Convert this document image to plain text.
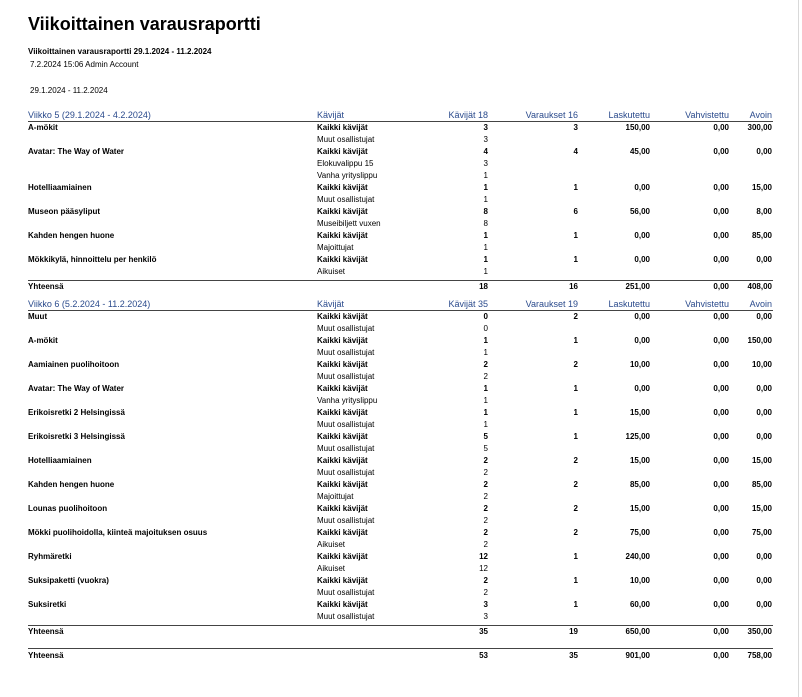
Viikoittainen varausraportti
Viikoittainen varausraportti 29.1.2024 - 11.2.2024
7.2.2024 15:06 Admin Account
29.1.2024 - 11.2.2024
Viikko 5 (29.1.2024 - 4.2.2024)	Kävijät	Kävijät 18	Varaukset 16	Laskutettu	Vahvistettu Avoin
A-mökit	Kaikki kävijät	3	3	150,00	0,00 300,00
Muut osallistujat	3
Avatar: The Way of Water	Kaikki kävijät	4	4	45,00	0,00	0,00
Elokuvalippu 15	3
Vanha yrityslippu	1
Hotelliaamiainen	Kaikki kävijät	1	1	0,00	0,00	15,00
Muut osallistujat	1
Museon pääsyliput	Kaikki kävijät	8	6	56,00	0,00	8,00
Museibiljett vuxen	8
Kahden hengen huone	Kaikki kävijät	1	1	0,00	0,00	85,00
Majoittujat	1
Mökkikylä, hinnoittelu per henkilö	Kaikki kävijät	1	1	0,00	0,00	0,00
Aikuiset	1
Yhteensä	18	16	251,00	0,00 408,00
Viikko 6 (5.2.2024 - 11.2.2024)	Kävijät	Kävijät 35	Varaukset 19	Laskutettu	Vahvistettu Avoin
Muut	Kaikki kävijät	0	2	0,00	0,00	0,00
Muut osallistujat	0
A-mökit	Kaikki kävijät	1	1	0,00	0,00 150,00
Muut osallistujat	1
Aamiainen puolihoitoon	Kaikki kävijät	2	2	10,00	0,00	10,00
Muut osallistujat	2
Avatar: The Way of Water	Kaikki kävijät	1	1	0,00	0,00	0,00
Vanha yrityslippu	1
Erikoisretki 2 Helsingissä	Kaikki kävijät	1	1	15,00	0,00	0,00
Muut osallistujat	1
Erikoisretki 3 Helsingissä	Kaikki kävijät	5	1	125,00	0,00	0,00
Muut osallistujat	5
Hotelliaamiainen	Kaikki kävijät	2	2	15,00	0,00	15,00
Muut osallistujat	2
Kahden hengen huone	Kaikki kävijät	2	2	85,00	0,00	85,00
Majoittujat	2
Lounas puolihoitoon	Kaikki kävijät	2	2	15,00	0,00	15,00
Muut osallistujat	2
Mökki puolihoidolla, kiinteä majoituksen osuus	Kaikki kävijät	2	2	75,00	0,00	75,00
Aikuiset	2
Ryhmäretki	Kaikki kävijät	12	1	240,00	0,00	0,00
Aikuiset	12
Suksipaketti (vuokra)	Kaikki kävijät	2	1	10,00	0,00	0,00
Muut osallistujat	2
Suksiretki	Kaikki kävijät	3	1	60,00	0,00	0,00
Muut osallistujat	3
Yhteensä	35	19	650,00	0,00 350,00
Yhteensä	53	35	901,00	0,00 758,00
